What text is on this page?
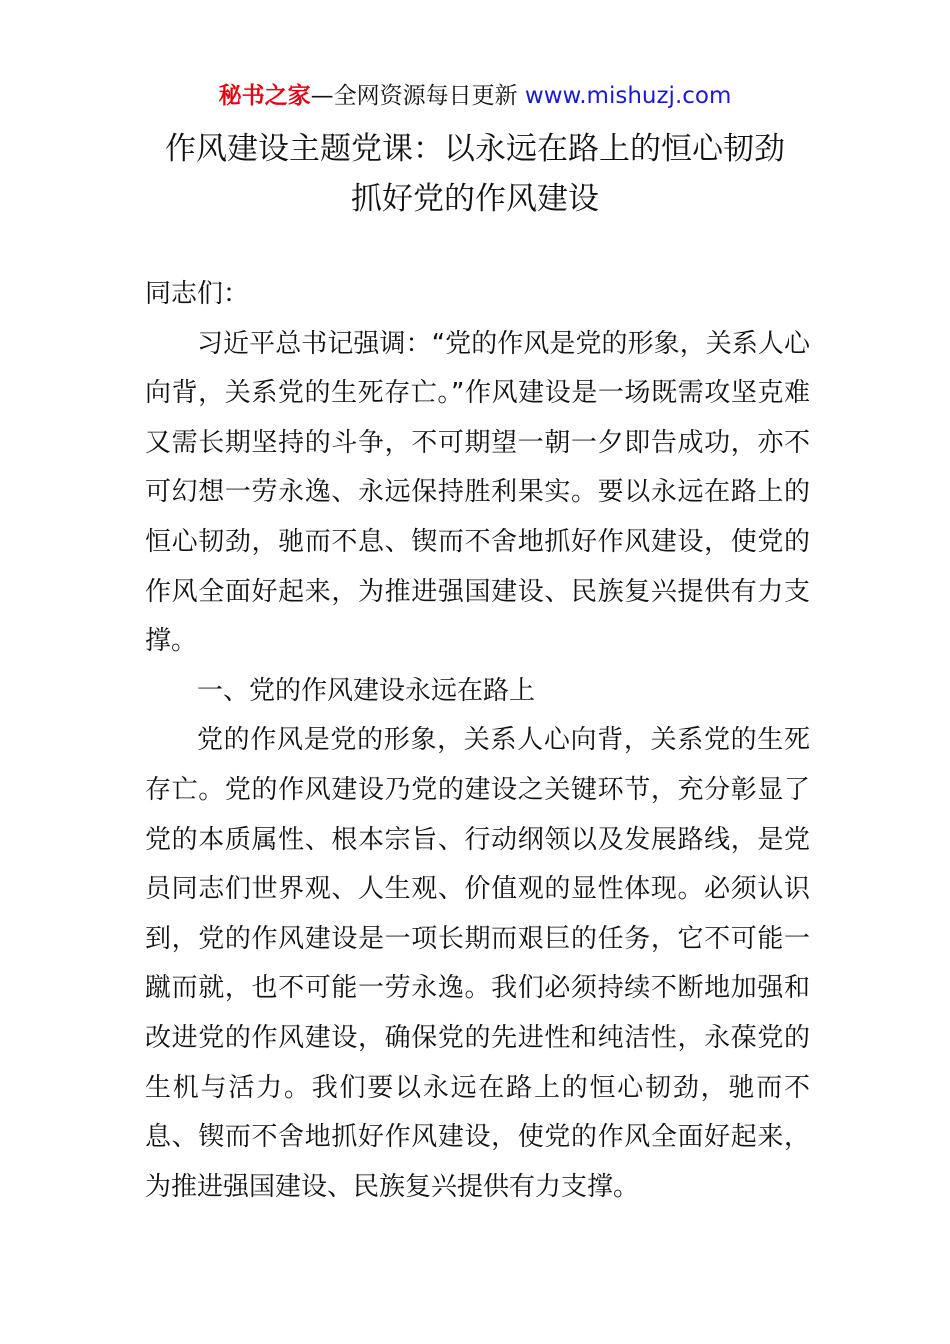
秘书之家—全网资源每日更新 www.mishuzj.com
作风建设主题党课：以永远在路上的恒心韧劲
抓好党的作风建设

同志们：

习近平总书记强调：“党的作风是党的形象，关系人心向背，关系党的生死存亡。”作风建设是一场既需攻坚克难又需长期坚持的斗争，不可期望一朝一夕即告成功，亦不可幻想一劳永逸、永远保持胜利果实。要以永远在路上的恒心韧劲，驰而不息、锲而不舍地抓好作风建设，使党的作风全面好起来，为推进强国建设、民族复兴提供有力支撑。

一、党的作风建设永远在路上

党的作风是党的形象，关系人心向背，关系党的生死存亡。党的作风建设乃党的建设之关键环节，充分彰显了党的本质属性、根本宗旨、行动纲领以及发展路线，是党员同志们世界观、人生观、价值观的显性体现。必须认识到，党的作风建设是一项长期而艰巨的任务，它不可能一蹴而就，也不可能一劳永逸。我们必须持续不断地加强和改进党的作风建设，确保党的先进性和纯洁性，永葆党的生机与活力。我们要以永远在路上的恒心韧劲，驰而不息、锲而不舍地抓好作风建设，使党的作风全面好起来，为推进强国建设、民族复兴提供有力支撑。
